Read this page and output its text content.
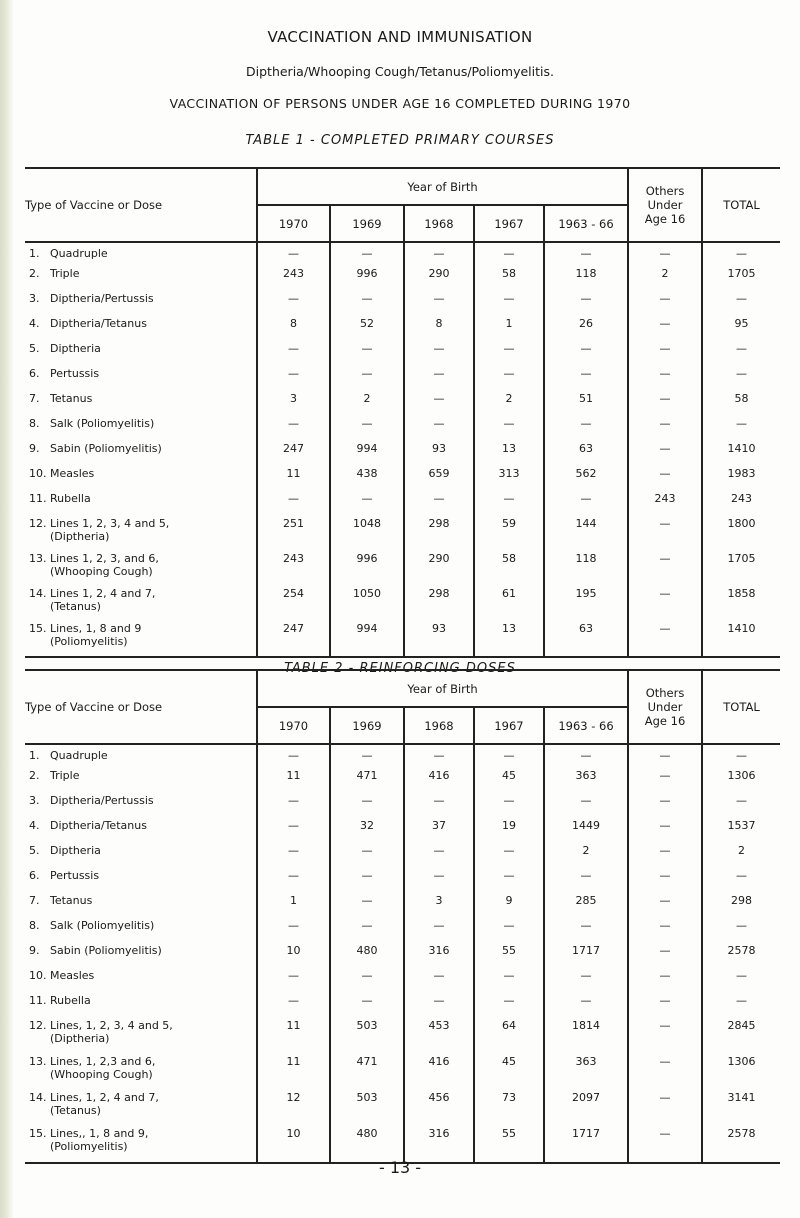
VACCINATION AND IMMUNISATION
Diptheria/Whooping Cough/Tetanus/Poliomyelitis.
VACCINATION OF PERSONS UNDER AGE 16 COMPLETED DURING 1970
TABLE 1 - COMPLETED PRIMARY COURSES
Type of Vaccine or Dose	Year of Birth					Others
Under
Age 16	TOTAL
	1970	1969	1968	1967	1963 - 66		
1. Quadruple	—	—	—	—	—	—	—
2. Triple	243	996	290	58	118	2	1705
3. Diptheria/Pertussis	—	—	—	—	—	—	—
4. Diptheria/Tetanus	8	52	8	1	26	—	95
5. Diptheria	—	—	—	—	—	—	—
6. Pertussis	—	—	—	—	—	—	—
7. Tetanus	3	2	—	2	51	—	58
8. Salk (Poliomyelitis)	—	—	—	—	—	—	—
9. Sabin (Poliomyelitis)	247	994	93	13	63	—	1410
10. Measles	11	438	659	313	562	—	1983
11. Rubella	—	—	—	—	—	243	243
12. Lines 1, 2, 3, 4 and 5,
(Diptheria)	251	1048	298	59	144	—	1800
13. Lines 1, 2, 3, and 6,
(Whooping Cough)	243	996	290	58	118	—	1705
14. Lines 1, 2, 4 and 7,
(Tetanus)	254	1050	298	61	195	—	1858
15. Lines, 1, 8 and 9
(Poliomyelitis)	247	994	93	13	63	—	1410
TABLE 2 - REINFORCING DOSES
Type of Vaccine or Dose	Year of Birth					Others
Under
Age 16	TOTAL
	1970	1969	1968	1967	1963 - 66		
1. Quadruple	—	—	—	—	—	—	—
2. Triple	11	471	416	45	363	—	1306
3. Diptheria/Pertussis	—	—	—	—	—	—	—
4. Diptheria/Tetanus	—	32	37	19	1449	—	1537
5. Diptheria	—	—	—	—	2	—	2
6. Pertussis	—	—	—	—	—	—	—
7. Tetanus	1	—	3	9	285	—	298
8. Salk (Poliomyelitis)	—	—	—	—	—	—	—
9. Sabin (Poliomyelitis)	10	480	316	55	1717	—	2578
10. Measles	—	—	—	—	—	—	—
11. Rubella	—	—	—	—	—	—	—
12. Lines, 1, 2, 3, 4 and 5,
(Diptheria)	11	503	453	64	1814	—	2845
13. Lines, 1, 2,3 and 6,
(Whooping Cough)	11	471	416	45	363	—	1306
14. Lines, 1, 2, 4 and 7,
(Tetanus)	12	503	456	73	2097	—	3141
15. Lines,, 1, 8 and 9,
(Poliomyelitis)	10	480	316	55	1717	—	2578
- 13 -
